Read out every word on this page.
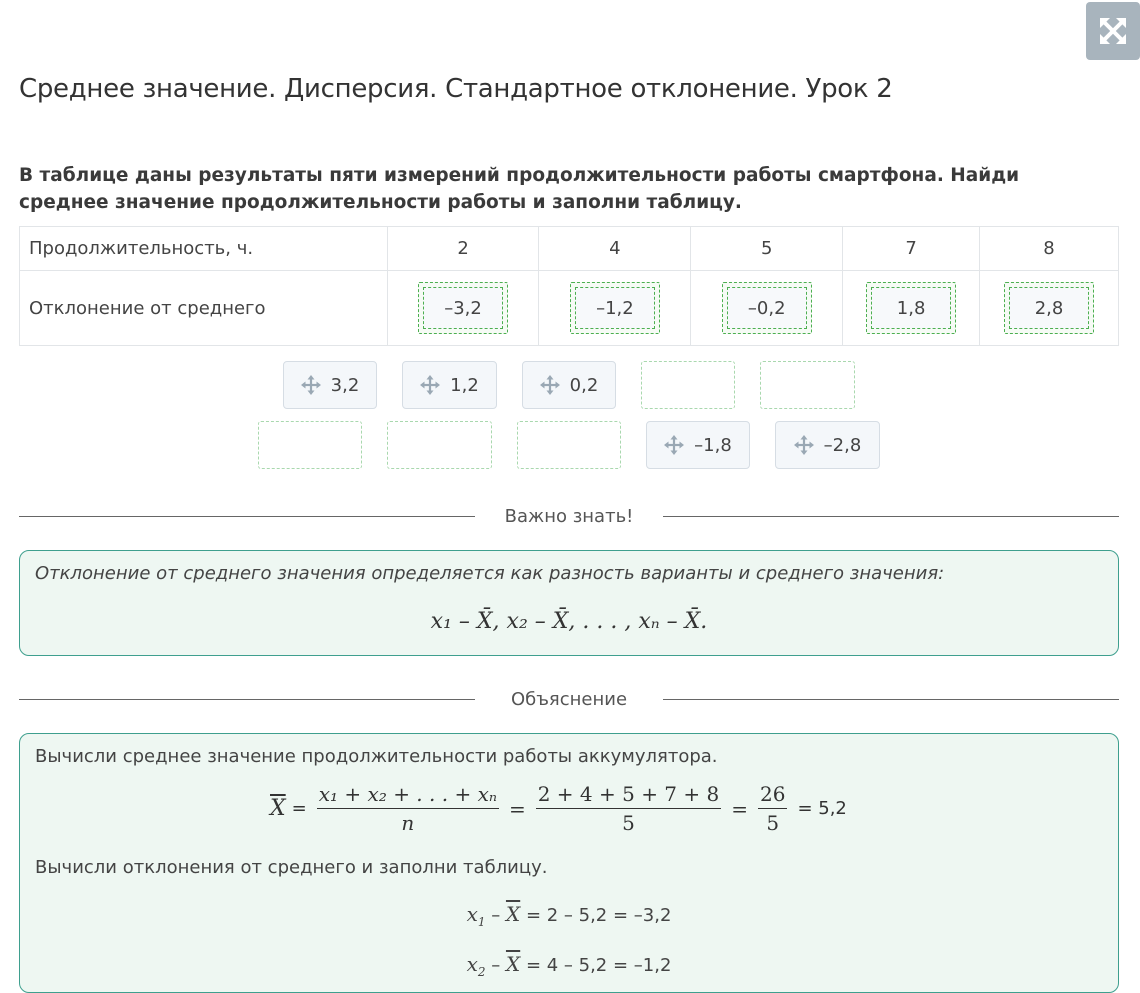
Среднее значение. Дисперсия. Стандартное отклонение. Урок 2

В таблице даны результаты пяти измерений продолжительности работы смартфона. Найди среднее значение продолжительности работы и заполни таблицу.

Продолжительность, ч.	2	4	5	7	8
Отклонение от среднего	–3,2	–1,2	–0,2	1,8	2,8
3,2	1,2	0,2
–1,8	–2,8
Важно знать!

Отклонение от среднего значения определяется как разность варианты и среднего значения:

x₁ – X̄, x₂ – X̄, . . . , xₙ – X̄.
Объяснение

Вычисли среднее значение продолжительности работы аккумулятора.

$\overline{X} = \frac{\text{x₁ + x₂ + . . . + xₙ}}{n} = \frac{2 + 4 + 5 + 7 + 8}{5} = \frac{26}{5} = 5,2$

Вычисли отклонения от среднего и заполни таблицу.

$x_1 - \overline{X} = 2 - 5,2 = -3,2$
$x_2 - \overline{X} = 4 - 5,2 = -1,2$
